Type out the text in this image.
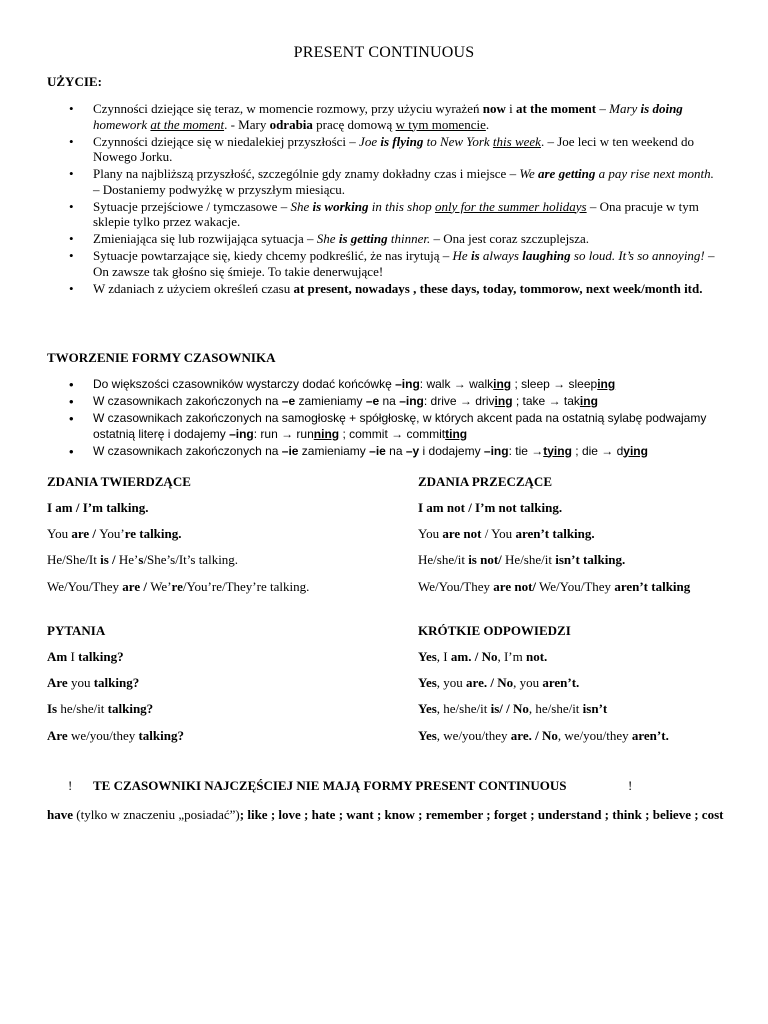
PRESENT CONTINUOUS
UŻYCIE:
• Czynności dziejące się teraz, w momencie rozmowy, przy użyciu wyrażeń now i at the moment – Mary is doing homework at the moment. - Mary odrabia pracę domową w tym momencie.
• Czynności dziejące się w niedalekiej przyszłości – Joe is flying to New York this week. – Joe leci w ten weekend do Nowego Jorku.
• Plany na najbliższą przyszłość, szczególnie gdy znamy dokładny czas i miejsce – We are getting a pay rise next month. – Dostaniemy podwyżkę w przyszłym miesiącu.
• Sytuacje przejściowe / tymczasowe – She is working in this shop only for the summer holidays – Ona pracuje w tym sklepie tylko przez wakacje.
• Zmieniająca się lub rozwijająca sytuacja – She is getting thinner. – Ona jest coraz szczuplejsza.
• Sytuacje powtarzające się, kiedy chcemy podkreślić, że nas irytują – He is always laughing so loud. It’s so annoying! – On zawsze tak głośno się śmieje. To takie denerwujące!
• W zdaniach z użyciem określeń czasu at present, nowadays , these days, today, tommorow, next week/month itd.
TWORZENIE FORMY CZASOWNIKA
• Do większości czasowników wystarczy dodać końcówkę –ing: walk → walking ; sleep → sleeping
• W czasownikach zakończonych na –e zamieniamy –e na –ing: drive → driving ; take → taking
• W czasownikach zakończonych na samogłoskę + spółgłoskę, w których akcent pada na ostatnią sylabę podwajamy ostatnią literę i dodajemy –ing: run → running ; commit → committing
• W czasownikach zakończonych na –ie zamieniamy –ie na –y i dodajemy –ing: tie →tying ; die → dying
ZDANIA TWIERDZĄCE
I am / I’m talking.
You are / You’re talking.
He/She/It is / He’s/She’s/It’s talking.
We/You/They are / We’re/You’re/They’re talking.
ZDANIA PRZECZĄCE
I am not / I’m not talking.
You are not / You aren’t talking.
He/she/it is not/ He/she/it isn’t talking.
We/You/They are not/ We/You/They aren’t talking
PYTANIA
Am I talking?
Are you talking?
Is he/she/it talking?
Are we/you/they talking?
KRÓTKIE ODPOWIEDZI
Yes, I am. / No, I’m not.
Yes, you are. / No, you aren’t.
Yes, he/she/it is/ / No, he/she/it isn’t
Yes, we/you/they are. / No, we/you/they aren’t.
! TE CZASOWNIKI NAJCZĘŚCIEJ NIE MAJĄ FORMY PRESENT CONTINUOUS	!
have (tylko w znaczeniu „posiadać”); like ; love ; hate ; want ; know ; remember ; forget ; understand ; think ; believe ; cost
